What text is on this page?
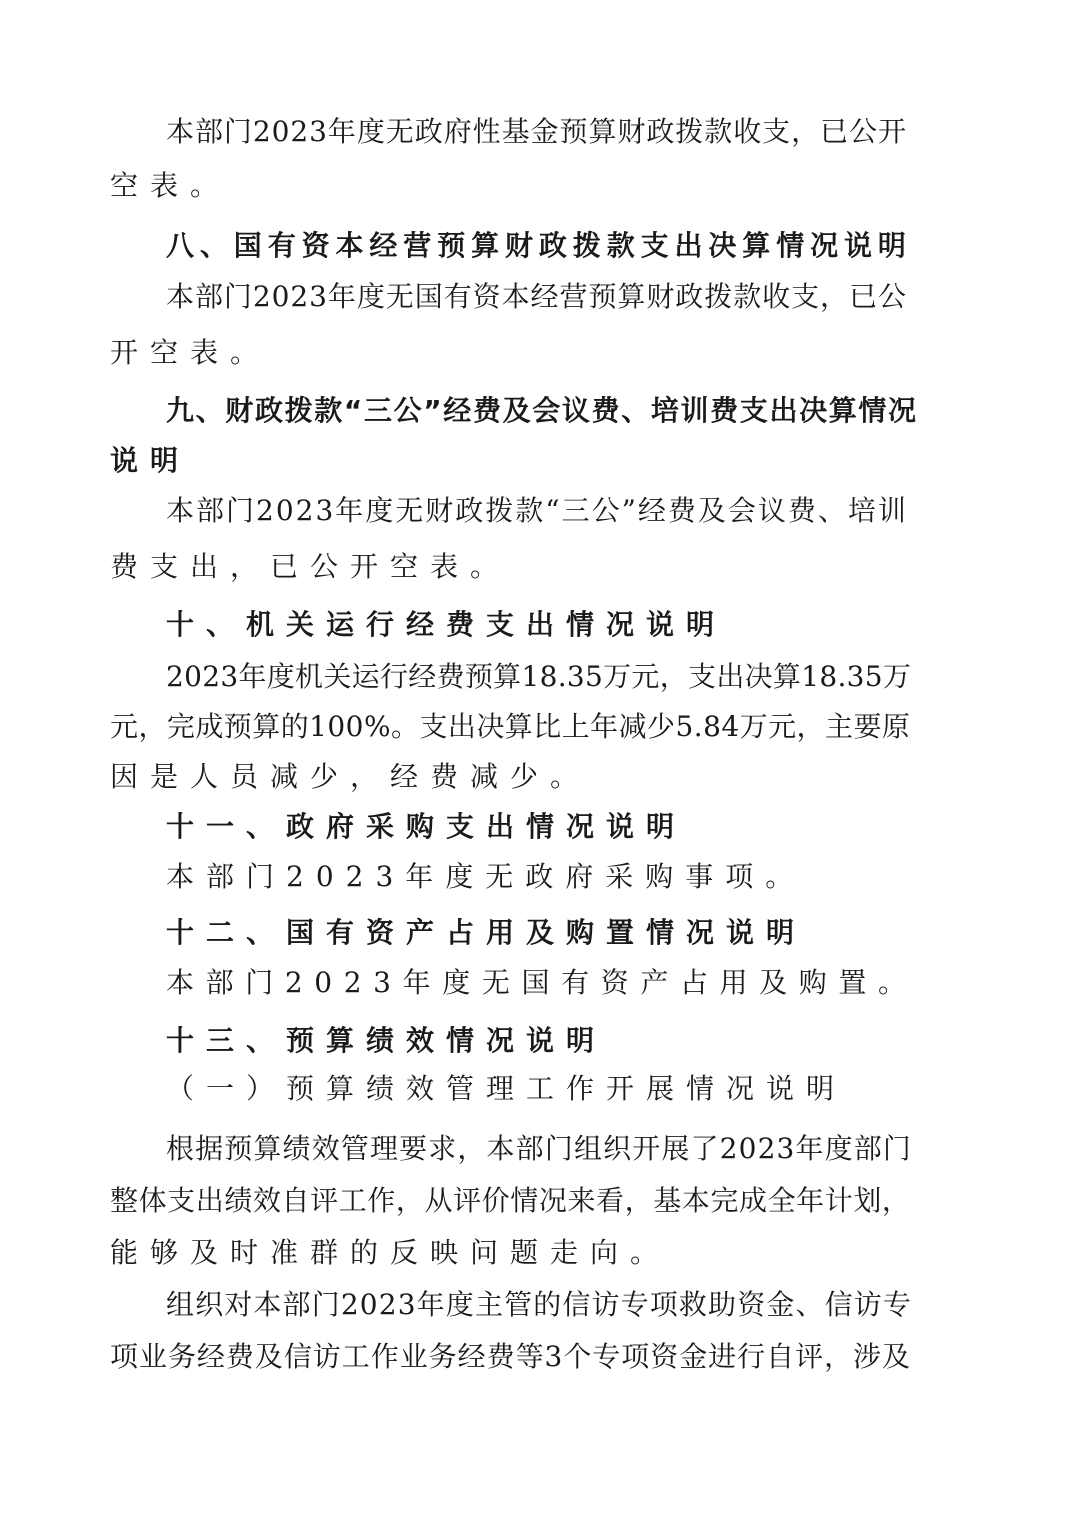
本部门2023年度无政府性基金预算财政拨款收支，已公开

空表。

八、国有资本经营预算财政拨款支出决算情况说明

本部门2023年度无国有资本经营预算财政拨款收支，已公

开空表。

九、财政拨款“三公”经费及会议费、培训费支出决算情况

说明

本部门2023年度无财政拨款“三公”经费及会议费、培训

费支出，已公开空表。

十、机关运行经费支出情况说明

2023年度机关运行经费预算18.35万元，支出决算18.35万

元，完成预算的100%。支出决算比上年减少5.84万元，主要原

因是人员减少，经费减少。

十一、政府采购支出情况说明

本部门2023年度无政府采购事项。

十二、国有资产占用及购置情况说明

本部门2023年度无国有资产占用及购置。

十三、预算绩效情况说明

（一）预算绩效管理工作开展情况说明

根据预算绩效管理要求，本部门组织开展了2023年度部门

整体支出绩效自评工作，从评价情况来看，基本完成全年计划，

能够及时准群的反映问题走向。

组织对本部门2023年度主管的信访专项救助资金、信访专

项业务经费及信访工作业务经费等3个专项资金进行自评，涉及
